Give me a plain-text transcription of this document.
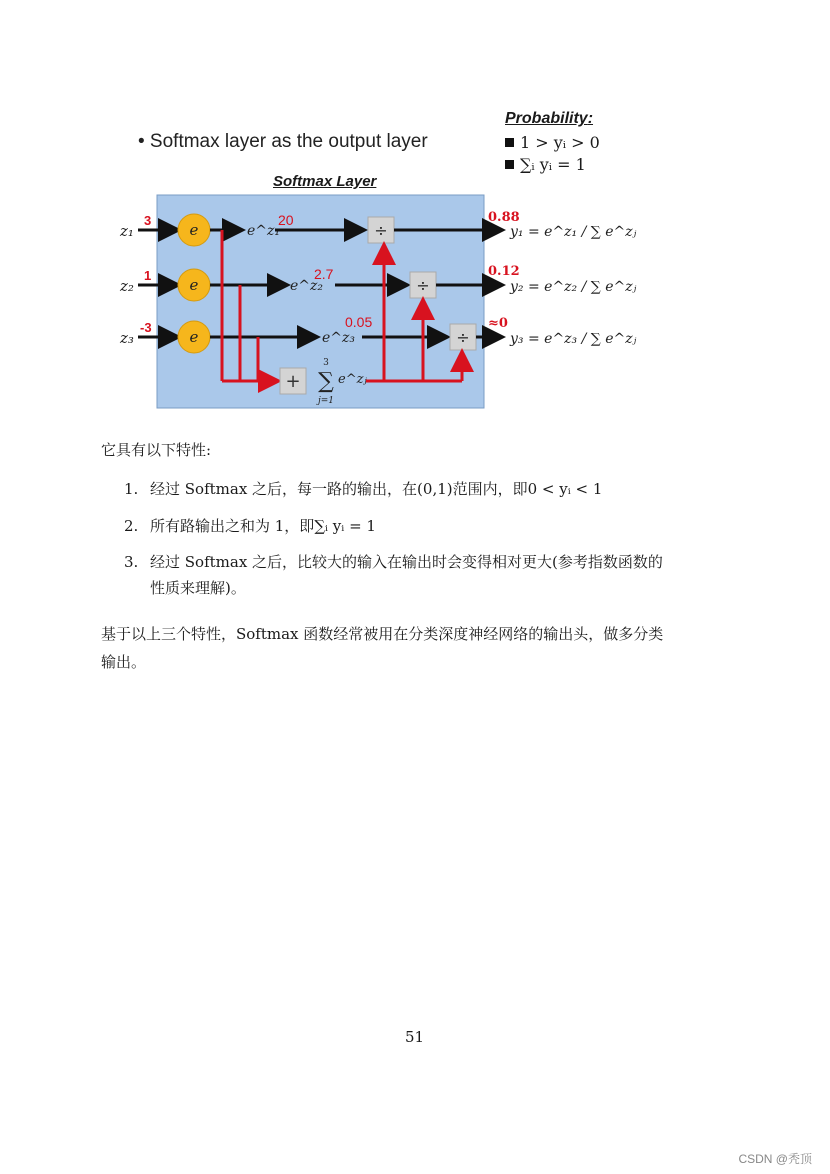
• Softmax layer as the output layer
Probability:
1 > yᵢ > 0
∑ᵢ yᵢ = 1
Softmax Layer
z₁
z₂
z₃
3
1
-3
e
e
e
e^z₁
e^z₂
e^z₃
20
2.7
0.05
÷
÷
÷
+
3
∑
j=1
e^zⱼ
0.88
0.12
≈0
y₁ = e^z₁ / ∑ e^zⱼ
y₂ = e^z₂ / ∑ e^zⱼ
y₃ = e^z₃ / ∑ e^zⱼ
它具有以下特性:
1. 经过 Softmax 之后，每一路的输出，在(0,1)范围内，即0 < yᵢ < 1
2. 所有路输出之和为 1，即∑ᵢ yᵢ = 1
3. 经过 Softmax 之后，比较大的输入在输出时会变得相对更大(参考指数函数的
性质来理解)。
基于以上三个特性，Softmax 函数经常被用在分类深度神经网络的输出头，做多分类
输出。
51
CSDN @秃顶
